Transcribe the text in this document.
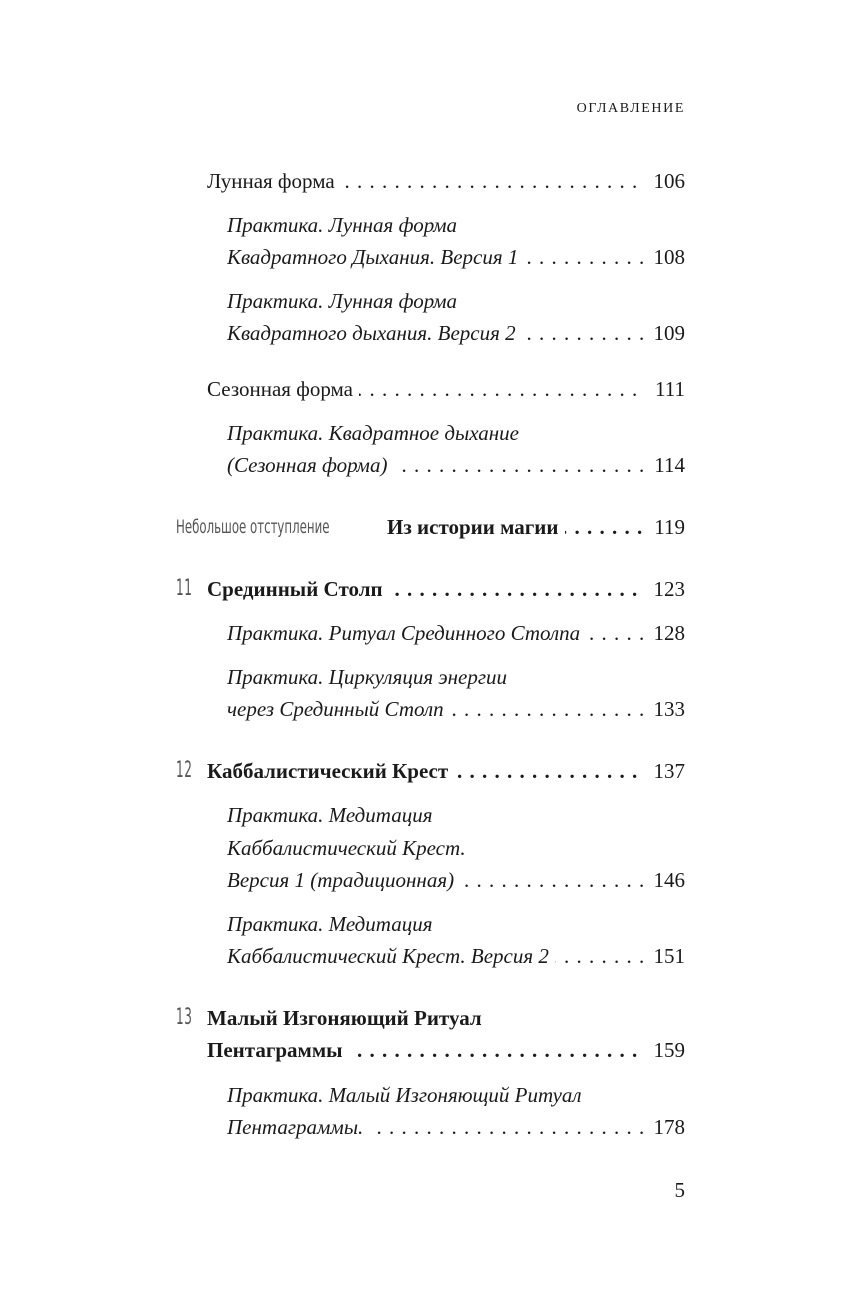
ОГЛАВЛЕНИЕ
Лунная форма . . .	106
Практика. Лунная форма
Квадратного Дыхания. Версия 1 . . .	108
Практика. Лунная форма
Квадратного дыхания. Версия 2 . . .	109
Сезонная форма . . .	111
Практика. Квадратное дыхание
(Сезонная форма) . . .	114
Небольшое отступление	Из истории магии . . .	119
11 Срединный Столп . . .	123
Практика. Ритуал Срединного Столпа . . .	128
Практика. Циркуляция энергии
через Срединный Столп . . .	133
12 Каббалистический Крест . . .	137
Практика. Медитация
Каббалистический Крест.
Версия 1 (традиционная) . . .	146
Практика. Медитация
Каббалистический Крест. Версия 2 . . .	151
13 Малый Изгоняющий Ритуал
Пентаграммы . . .	159
Практика. Малый Изгоняющий Ритуал
Пентаграммы. . . .	178
5
